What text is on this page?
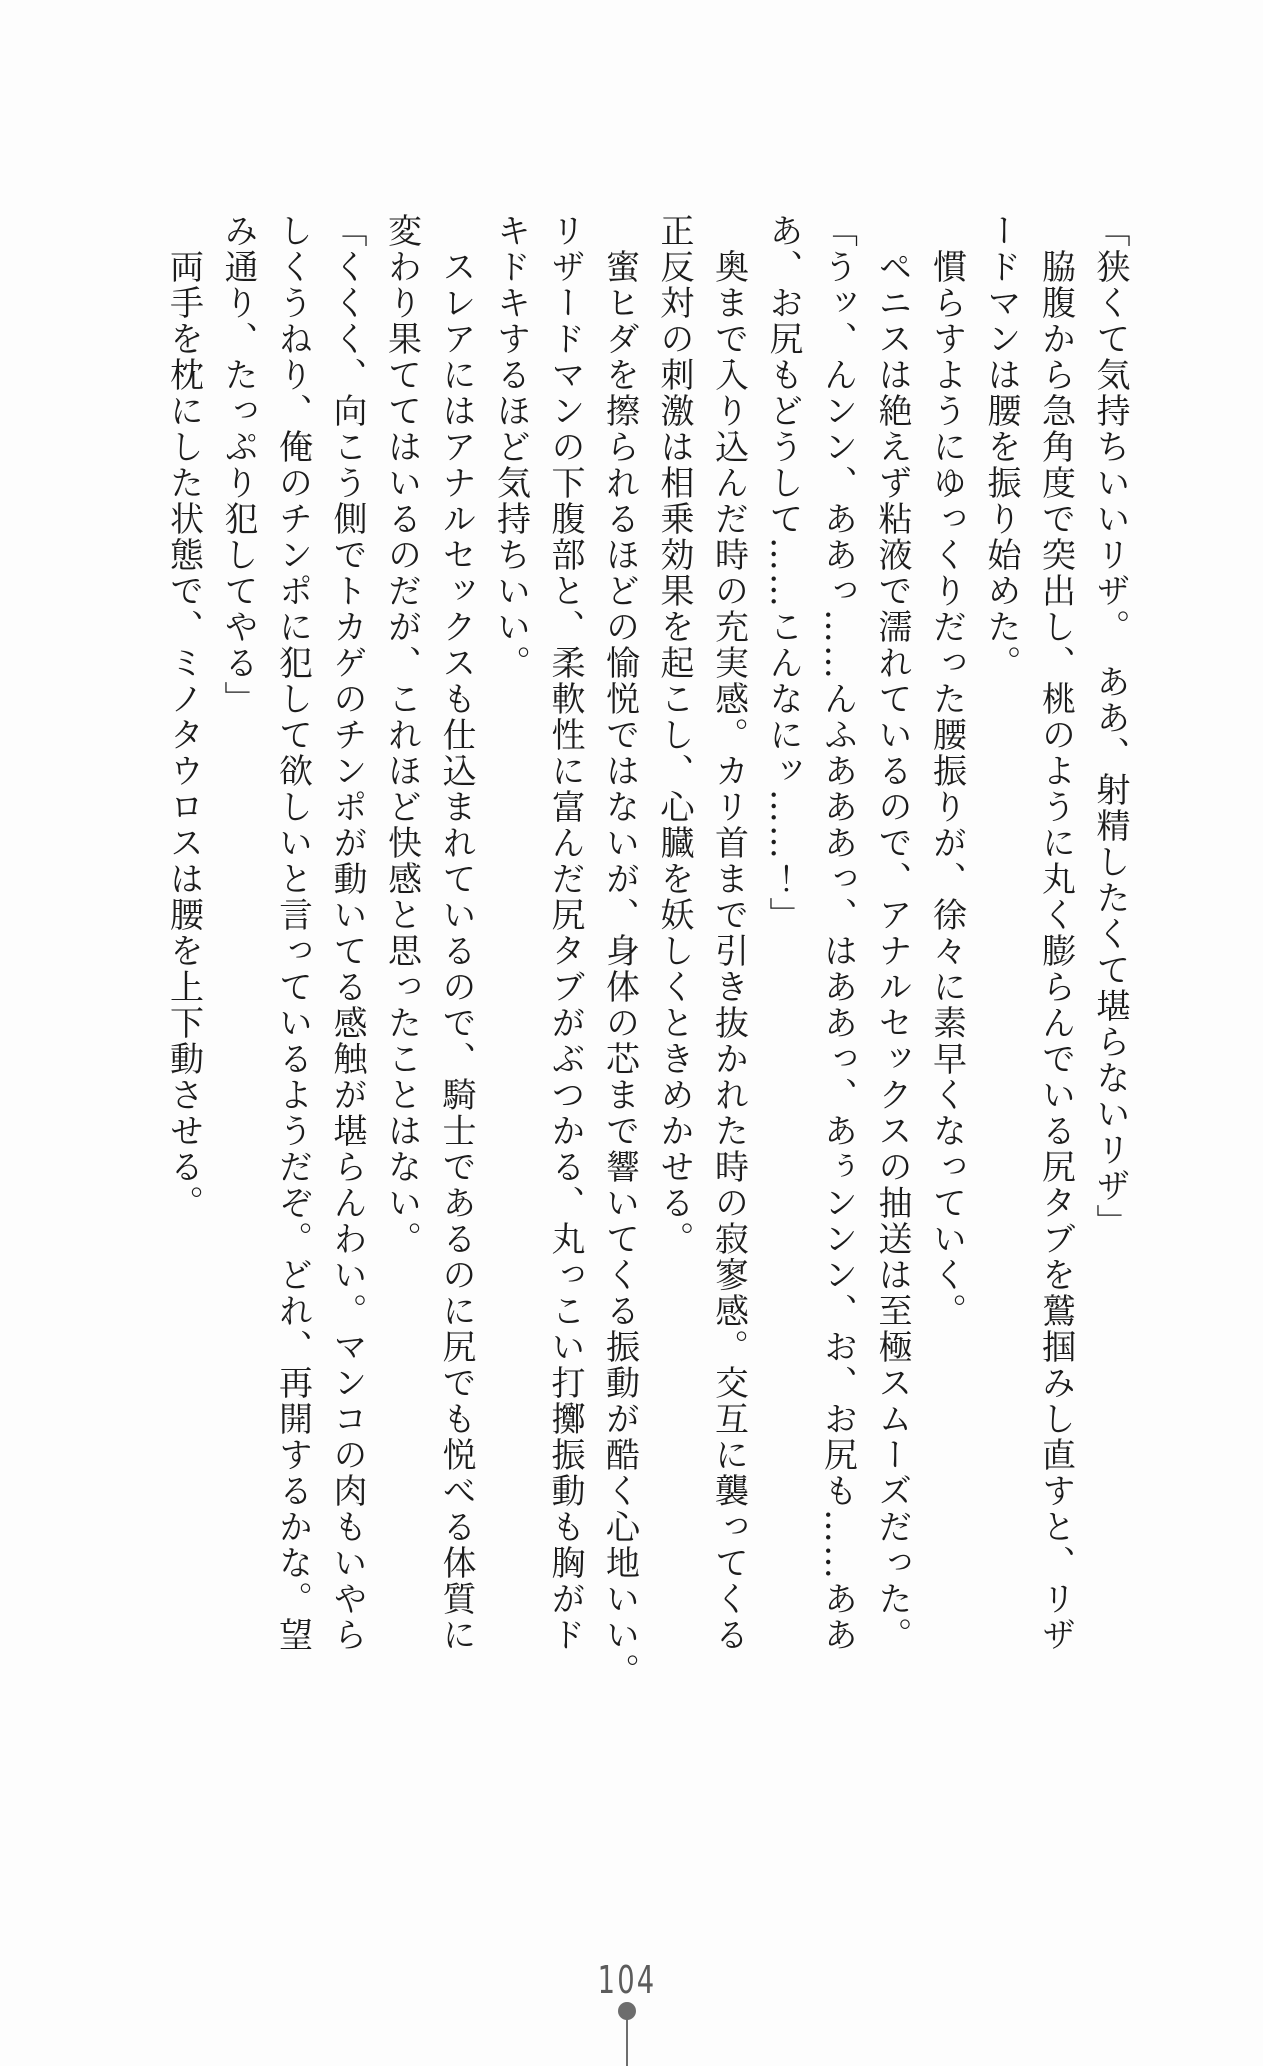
「狭くて気持ちいいリザ。　ああ、射精したくて堪らないリザ」

脇腹から急角度で突出し、桃のように丸く膨らんでいる尻タブを鷲掴みし直すと、リザ

ードマンは腰を振り始めた。

慣らすようにゆっくりだった腰振りが、徐々に素早くなっていく。

ペニスは絶えず粘液で濡れているので、アナルセックスの抽送は至極スムーズだった。

「うッ、んンン、ああっ……んふあああっ、はああっ、あぅンンン、お、お尻も……ああ

あ、お尻もどうして……こんなにッ……！」

奥まで入り込んだ時の充実感。カリ首まで引き抜かれた時の寂寥感。交互に襲ってくる

正反対の刺激は相乗効果を起こし、心臓を妖しくときめかせる。

蜜ヒダを擦られるほどの愉悦ではないが、身体の芯まで響いてくる振動が酷く心地いい。

リザードマンの下腹部と、柔軟性に富んだ尻タブがぶつかる、丸っこい打擲振動も胸がド

キドキするほど気持ちいい。

スレアにはアナルセックスも仕込まれているので、騎士であるのに尻でも悦べる体質に

変わり果ててはいるのだが、これほど快感と思ったことはない。

「くくく、向こう側でトカゲのチンポが動いてる感触が堪らんわい。マンコの肉もいやら

しくうねり、俺のチンポに犯して欲しいと言っているようだぞ。どれ、再開するかな。望

み通り、たっぷり犯してやる」

両手を枕にした状態で、ミノタウロスは腰を上下動させる。

104
